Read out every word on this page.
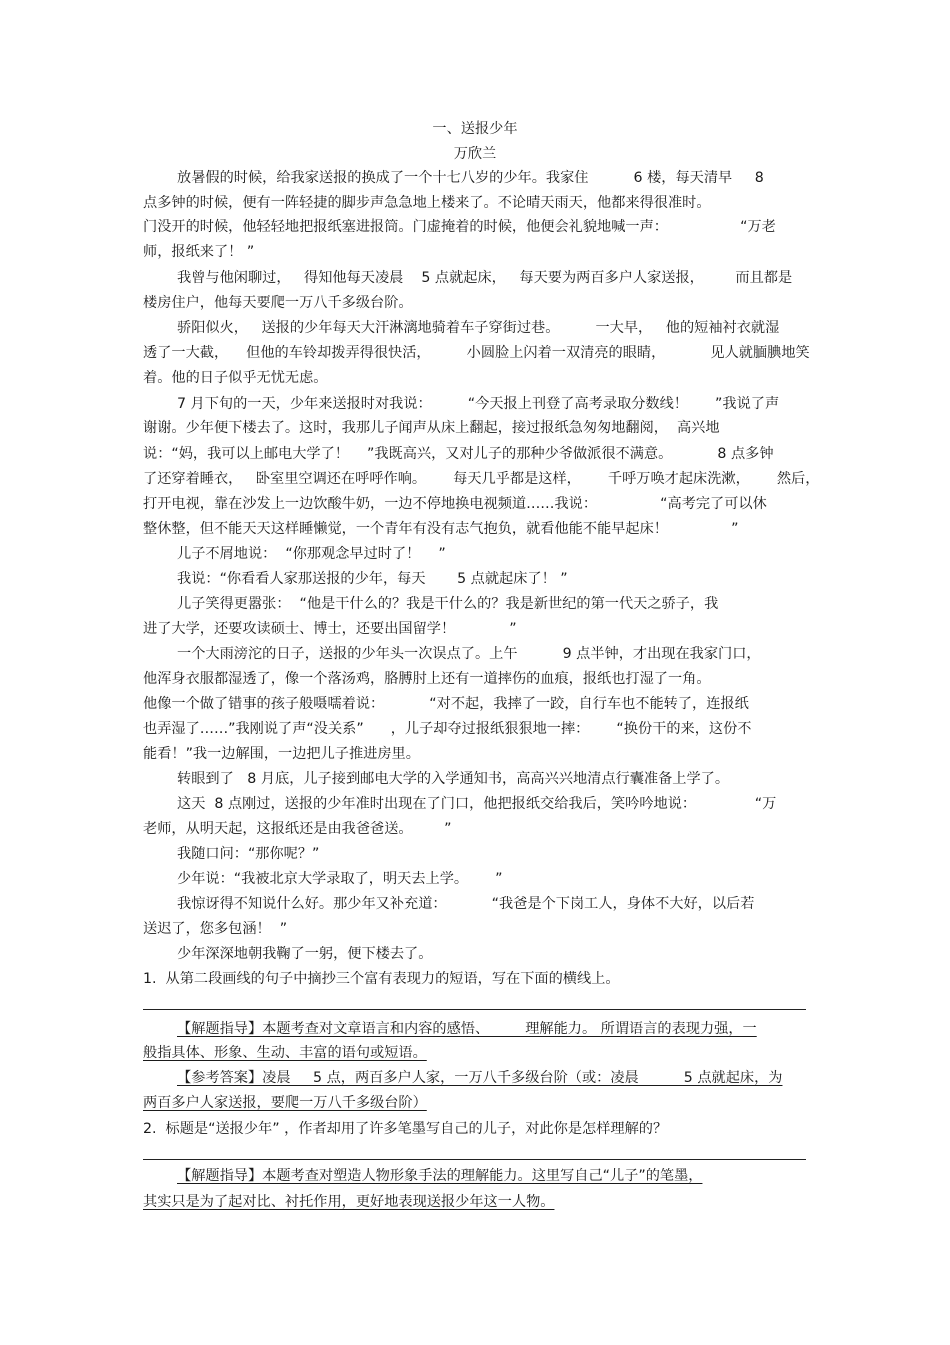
一、送报少年
万欣兰
放暑假的时候，给我家送报的换成了一个十七八岁的少年。我家住          6 楼，每天清早     8
点多钟的时候，便有一阵轻捷的脚步声急急地上楼来了。不论晴天雨天，他都来得很准时。
门没开的时候，他轻轻地把报纸塞进报筒。门虚掩着的时候，他便会礼貌地喊一声：                “万老
师，报纸来了！ ”
我曾与他闲聊过，   得知他每天凌晨    5 点就起床，   每天要为两百多户人家送报，       而且都是
楼房住户，他每天要爬一万八千多级台阶。
骄阳似火，   送报的少年每天大汗淋漓地骑着车子穿街过巷。        一大早，   他的短袖衬衣就湿
透了一大截，    但他的车铃却拨弄得很快活，        小圆脸上闪着一双清亮的眼睛，          见人就腼腆地笑
着。他的日子似乎无忧无虑。
7 月下旬的一天，少年来送报时对我说：        “今天报上刊登了高考录取分数线！      ”我说了声
谢谢。少年便下楼去了。这时，我那儿子闻声从床上翻起，接过报纸急匆匆地翻阅，  高兴地
说：“妈，我可以上邮电大学了！    ”我既高兴，又对儿子的那种少爷做派很不满意。          8 点多钟
了还穿着睡衣，   卧室里空调还在呼呼作响。      每天几乎都是这样，      千呼万唤才起床洗漱，      然后，
打开电视，靠在沙发上一边饮酸牛奶，一边不停地换电视频道……我说：              “高考完了可以休
整休整，但不能天天这样睡懒觉，一个青年有没有志气抱负，就看他能不能早起床！              ”
儿子不屑地说：  “你那观念早过时了！    ”
我说：“你看看人家那送报的少年，每天       5 点就起床了！ ”
儿子笑得更嚣张：  “他是干什么的？我是干什么的？我是新世纪的第一代天之骄子，我
进了大学，还要攻读硕士、博士，还要出国留学！            ”
一个大雨滂沱的日子，送报的少年头一次误点了。上午          9 点半钟，才出现在我家门口，
他浑身衣服都湿透了，像一个落汤鸡，胳膊肘上还有一道摔伤的血痕，报纸也打湿了一角。
他像一个做了错事的孩子般嗫嚅着说：          “对不起，我摔了一跤，自行车也不能转了，连报纸
也弄湿了……”我刚说了声“没关系”      ，儿子却夺过报纸狠狠地一摔：      “换份干的来，这份不
能看！”我一边解围，一边把儿子推进房里。
转眼到了   8 月底，儿子接到邮电大学的入学通知书，高高兴兴地清点行囊准备上学了。
这天  8 点刚过，送报的少年准时出现在了门口，他把报纸交给我后，笑吟吟地说：             “万
老师，从明天起，这报纸还是由我爸爸送。       ”
我随口问：“那你呢？”
少年说：“我被北京大学录取了，明天去上学。      ”
我惊讶得不知说什么好。那少年又补充道：          “我爸是个下岗工人，身体不大好，以后若
送迟了，您多包涵！  ”
少年深深地朝我鞠了一躬，便下楼去了。
1.  从第二段画线的句子中摘抄三个富有表现力的短语，写在下面的横线上。
【解题指导】本题考查对文章语言和内容的感悟、        理解能力。 所谓语言的表现力强，一
般指具体、形象、生动、丰富的语句或短语。
【参考答案】凌晨     5 点，两百多户人家，一万八千多级台阶（或：凌晨          5 点就起床，为
两百多户人家送报，要爬一万八千多级台阶）
2.  标题是“送报少年” ，作者却用了许多笔墨写自己的儿子，对此你是怎样理解的？
【解题指导】本题考查对塑造人物形象手法的理解能力。这里写自己“儿子”的笔墨，
其实只是为了起对比、衬托作用，更好地表现送报少年这一人物。
